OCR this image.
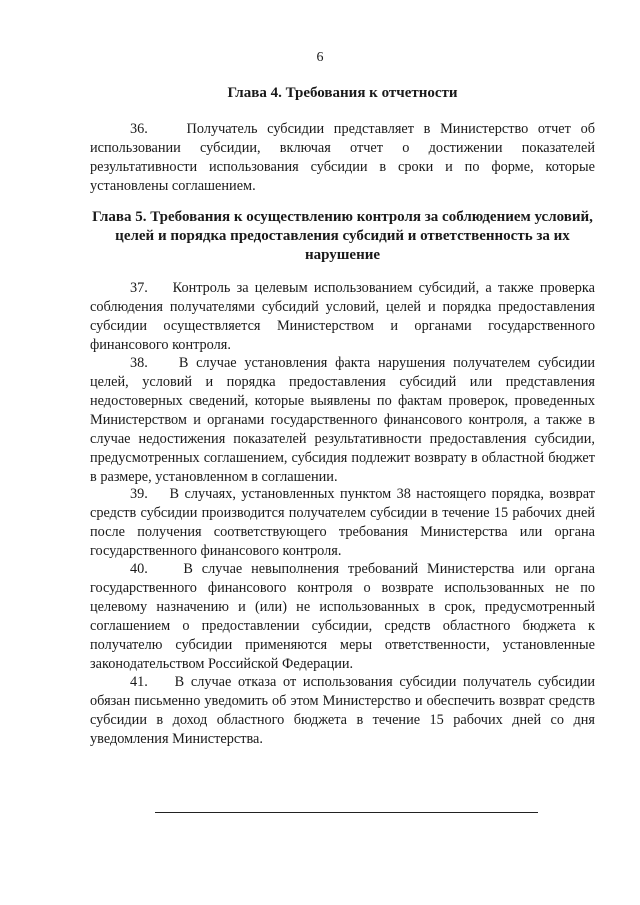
6
Глава 4. Требования к отчетности
36.    Получатель субсидии представляет в Министерство отчет об использовании субсидии, включая отчет о достижении показателей результативности использования субсидии в сроки и по форме, которые установлены соглашением.
Глава 5. Требования к осуществлению контроля за соблюдением условий, целей и порядка предоставления субсидий и ответственность за их нарушение
37.    Контроль за целевым использованием субсидий, а также проверка соблюдения получателями субсидий условий, целей и порядка предоставления субсидии осуществляется Министерством и органами государственного финансового контроля.
38.    В случае установления факта нарушения получателем субсидии целей, условий и порядка предоставления субсидий или представления недостоверных сведений, которые выявлены по фактам проверок, проведенных Министерством и органами государственного финансового контроля, а также в случае недостижения показателей результативности предоставления субсидии, предусмотренных соглашением, субсидия подлежит возврату в областной бюджет в размере, установленном в соглашении.
39.    В случаях, установленных пунктом 38 настоящего порядка, возврат средств субсидии производится получателем субсидии в течение 15 рабочих дней после получения соответствующего требования Министерства или органа государственного финансового контроля.
40.    В случае невыполнения требований Министерства или органа государственного финансового контроля о возврате использованных не по целевому назначению и (или) не использованных в срок, предусмотренный соглашением о предоставлении субсидии, средств областного бюджета к получателю субсидии применяются меры ответственности, установленные законодательством Российской Федерации.
41.    В случае отказа от использования субсидии получатель субсидии обязан письменно уведомить об этом Министерство и обеспечить возврат средств субсидии в доход областного бюджета в течение 15 рабочих дней со дня уведомления Министерства.
